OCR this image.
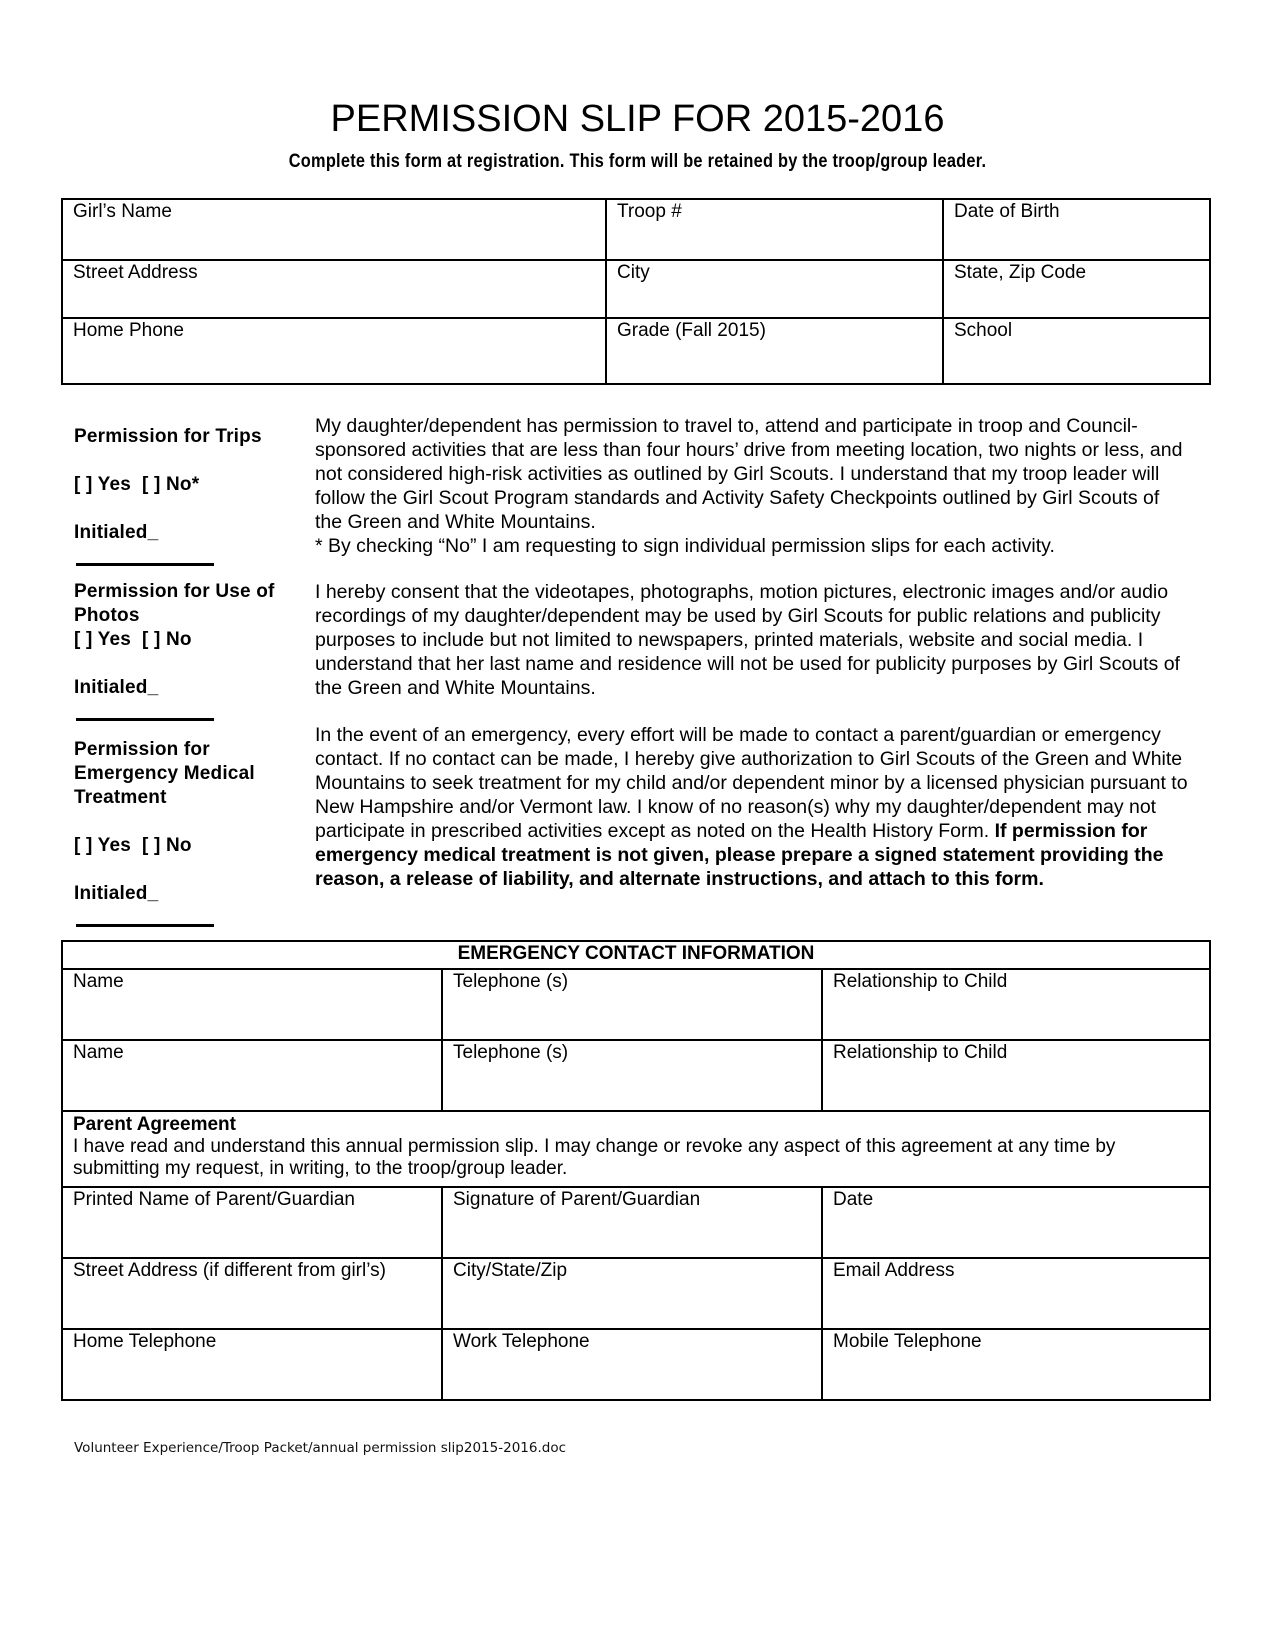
PERMISSION SLIP FOR 2015-2016
Complete this form at registration. This form will be retained by the troop/group leader.
Girl’s Name	Troop #	Date of Birth
Street Address	City	State, Zip Code
Home Phone	Grade (Fall 2015)	School
Permission for Trips
[ ] Yes  [ ] No*
Initialed_
My daughter/dependent has permission to travel to, attend and participate in troop and Council-sponsored activities that are less than four hours’ drive from meeting location, two nights or less, and not considered high-risk activities as outlined by Girl Scouts. I understand that my troop leader will follow the Girl Scout Program standards and Activity Safety Checkpoints outlined by Girl Scouts of the Green and White Mountains.
* By checking “No” I am requesting to sign individual permission slips for each activity.
Permission for Use of
Photos
[ ] Yes  [ ] No
Initialed_
I hereby consent that the videotapes, photographs, motion pictures, electronic images and/or audio recordings of my daughter/dependent may be used by Girl Scouts for public relations and publicity purposes to include but not limited to newspapers, printed materials, website and social media. I understand that her last name and residence will not be used for publicity purposes by Girl Scouts of the Green and White Mountains.
Permission for
Emergency Medical
Treatment
[ ] Yes  [ ] No
Initialed_
In the event of an emergency, every effort will be made to contact a parent/guardian or emergency contact. If no contact can be made, I hereby give authorization to Girl Scouts of the Green and White Mountains to seek treatment for my child and/or dependent minor by a licensed physician pursuant to New Hampshire and/or Vermont law. I know of no reason(s) why my daughter/dependent may not participate in prescribed activities except as noted on the Health History Form. If permission for emergency medical treatment is not given, please prepare a signed statement providing the reason, a release of liability, and alternate instructions, and attach to this form.
EMERGENCY CONTACT INFORMATION		
Name	Telephone (s)	Relationship to Child
Name	Telephone (s)	Relationship to Child

Parent Agreement
I have read and understand this annual permission slip. I may change or revoke any aspect of this agreement at any time by submitting my request, in writing, to the troop/group leader.		

Printed Name of Parent/Guardian	Signature of Parent/Guardian	Date
Street Address (if different from girl’s)	City/State/Zip	Email Address
Home Telephone	Work Telephone	Mobile Telephone
Volunteer Experience/Troop Packet/annual permission slip2015-2016.doc
